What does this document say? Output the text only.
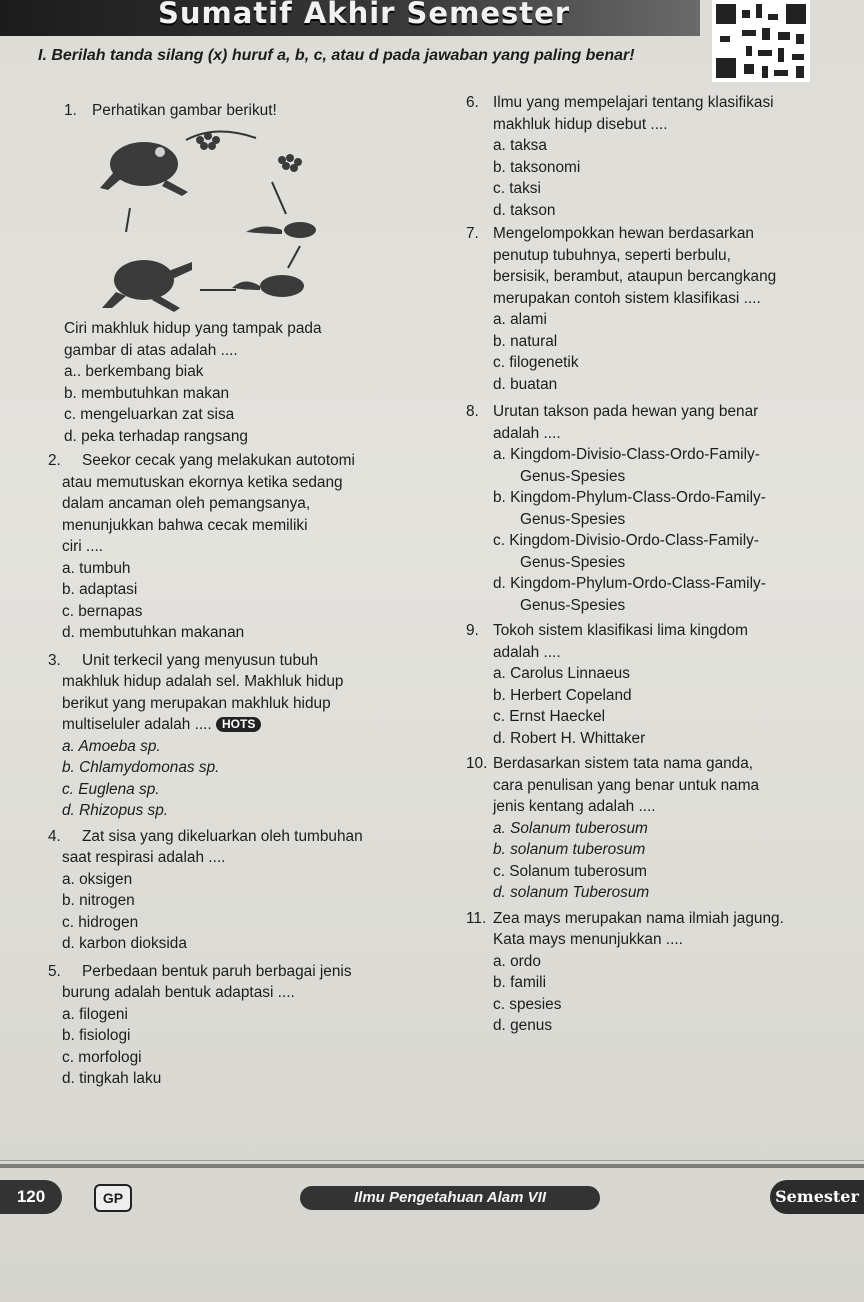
Sumatif Akhir Semester
I. Berilah tanda silang (x) huruf a, b, c, atau d pada jawaban yang paling benar!
1. Perhatikan gambar berikut!
Ciri makhluk hidup yang tampak pada
gambar di atas adalah ....
a.. berkembang biak
b. membutuhkan makan
c. mengeluarkan zat sisa
d. peka terhadap rangsang
2. Seekor cecak yang melakukan autotomi
atau memutuskan ekornya ketika sedang
dalam ancaman oleh pemangsanya,
menunjukkan bahwa cecak memiliki
ciri ....
a. tumbuh
b. adaptasi
c. bernapas
d. membutuhkan makanan
3. Unit terkecil yang menyusun tubuh
makhluk hidup adalah sel. Makhluk hidup
berikut yang merupakan makhluk hidup
multiseluler adalah .... HOTS
a. Amoeba sp.
b. Chlamydomonas sp.
c. Euglena sp.
d. Rhizopus sp.
4. Zat sisa yang dikeluarkan oleh tumbuhan
saat respirasi adalah ....
a. oksigen
b. nitrogen
c. hidrogen
d. karbon dioksida
5. Perbedaan bentuk paruh berbagai jenis
burung adalah bentuk adaptasi ....
a. filogeni
b. fisiologi
c. morfologi
d. tingkah laku
6. Ilmu yang mempelajari tentang klasifikasi
makhluk hidup disebut ....
a. taksa
b. taksonomi
c. taksi
d. takson
7. Mengelompokkan hewan berdasarkan
penutup tubuhnya, seperti berbulu,
bersisik, berambut, ataupun bercangkang
merupakan contoh sistem klasifikasi ....
a. alami
b. natural
c. filogenetik
d. buatan
8. Urutan takson pada hewan yang benar
adalah ....
a. Kingdom-Divisio-Class-Ordo-Family-
Genus-Spesies
b. Kingdom-Phylum-Class-Ordo-Family-
Genus-Spesies
c. Kingdom-Divisio-Ordo-Class-Family-
Genus-Spesies
d. Kingdom-Phylum-Ordo-Class-Family-
Genus-Spesies
9. Tokoh sistem klasifikasi lima kingdom
adalah ....
a. Carolus Linnaeus
b. Herbert Copeland
c. Ernst Haeckel
d. Robert H. Whittaker
10. Berdasarkan sistem tata nama ganda,
cara penulisan yang benar untuk nama
jenis kentang adalah ....
a. Solanum tuberosum
b. solanum tuberosum
c. Solanum tuberosum
d. solanum Tuberosum
11. Zea mays merupakan nama ilmiah jagung.
Kata mays menunjukkan ....
a. ordo
b. famili
c. spesies
d. genus
120	GP	Ilmu Pengetahuan Alam VII	Semester
